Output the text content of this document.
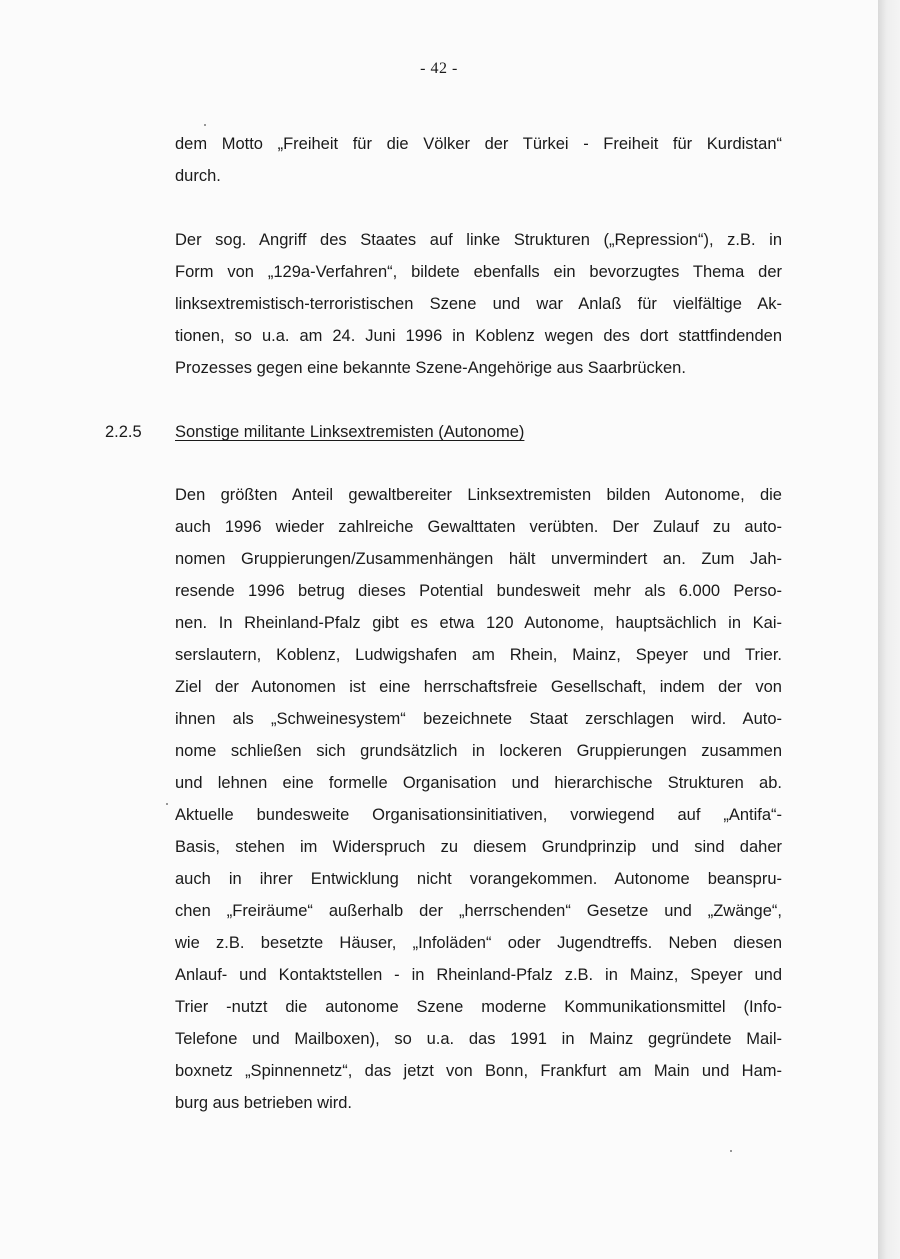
- 42 -
dem Motto „Freiheit für die Völker der Türkei - Freiheit für Kurdistan“
durch.
Der sog. Angriff des Staates auf linke Strukturen („Repression“), z.B. in
Form von „129a-Verfahren“, bildete ebenfalls ein bevorzugtes Thema der
linksextremistisch-terroristischen Szene und war Anlaß für vielfältige Ak-
tionen, so u.a. am 24. Juni 1996 in Koblenz wegen des dort stattfindenden
Prozesses gegen eine bekannte Szene-Angehörige aus Saarbrücken.
2.2.5 Sonstige militante Linksextremisten (Autonome)
Den größten Anteil gewaltbereiter Linksextremisten bilden Autonome, die
auch 1996 wieder zahlreiche Gewalttaten verübten. Der Zulauf zu auto-
nomen Gruppierungen/Zusammenhängen hält unvermindert an. Zum Jah-
resende 1996 betrug dieses Potential bundesweit mehr als 6.000 Perso-
nen. In Rheinland-Pfalz gibt es etwa 120 Autonome, hauptsächlich in Kai-
serslautern, Koblenz, Ludwigshafen am Rhein, Mainz, Speyer und Trier.
Ziel der Autonomen ist eine herrschaftsfreie Gesellschaft, indem der von
ihnen als „Schweinesystem“ bezeichnete Staat zerschlagen wird. Auto-
nome schließen sich grundsätzlich in lockeren Gruppierungen zusammen
und lehnen eine formelle Organisation und hierarchische Strukturen ab.
Aktuelle bundesweite Organisationsinitiativen, vorwiegend auf „Antifa“-
Basis, stehen im Widerspruch zu diesem Grundprinzip und sind daher
auch in ihrer Entwicklung nicht vorangekommen. Autonome beanspru-
chen „Freiräume“ außerhalb der „herrschenden“ Gesetze und „Zwänge“,
wie z.B. besetzte Häuser, „Infoläden“ oder Jugendtreffs. Neben diesen
Anlauf- und Kontaktstellen - in Rheinland-Pfalz z.B. in Mainz, Speyer und
Trier -nutzt die autonome Szene moderne Kommunikationsmittel (Info-
Telefone und Mailboxen), so u.a. das 1991 in Mainz gegründete Mail-
boxnetz „Spinnennetz“, das jetzt von Bonn, Frankfurt am Main und Ham-
burg aus betrieben wird.
